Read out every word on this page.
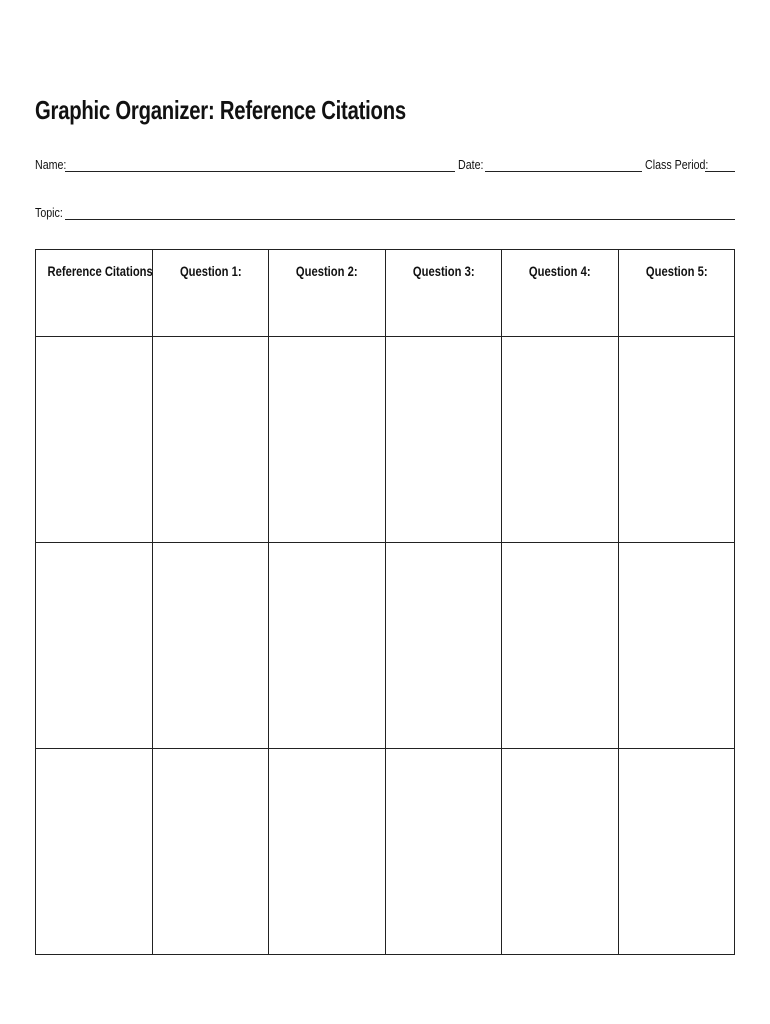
Graphic Organizer: Reference Citations
Name:	Date:	Class Period:
Topic:
Reference Citations	Question 1:	Question 2:	Question 3:	Question 4:	Question 5:
